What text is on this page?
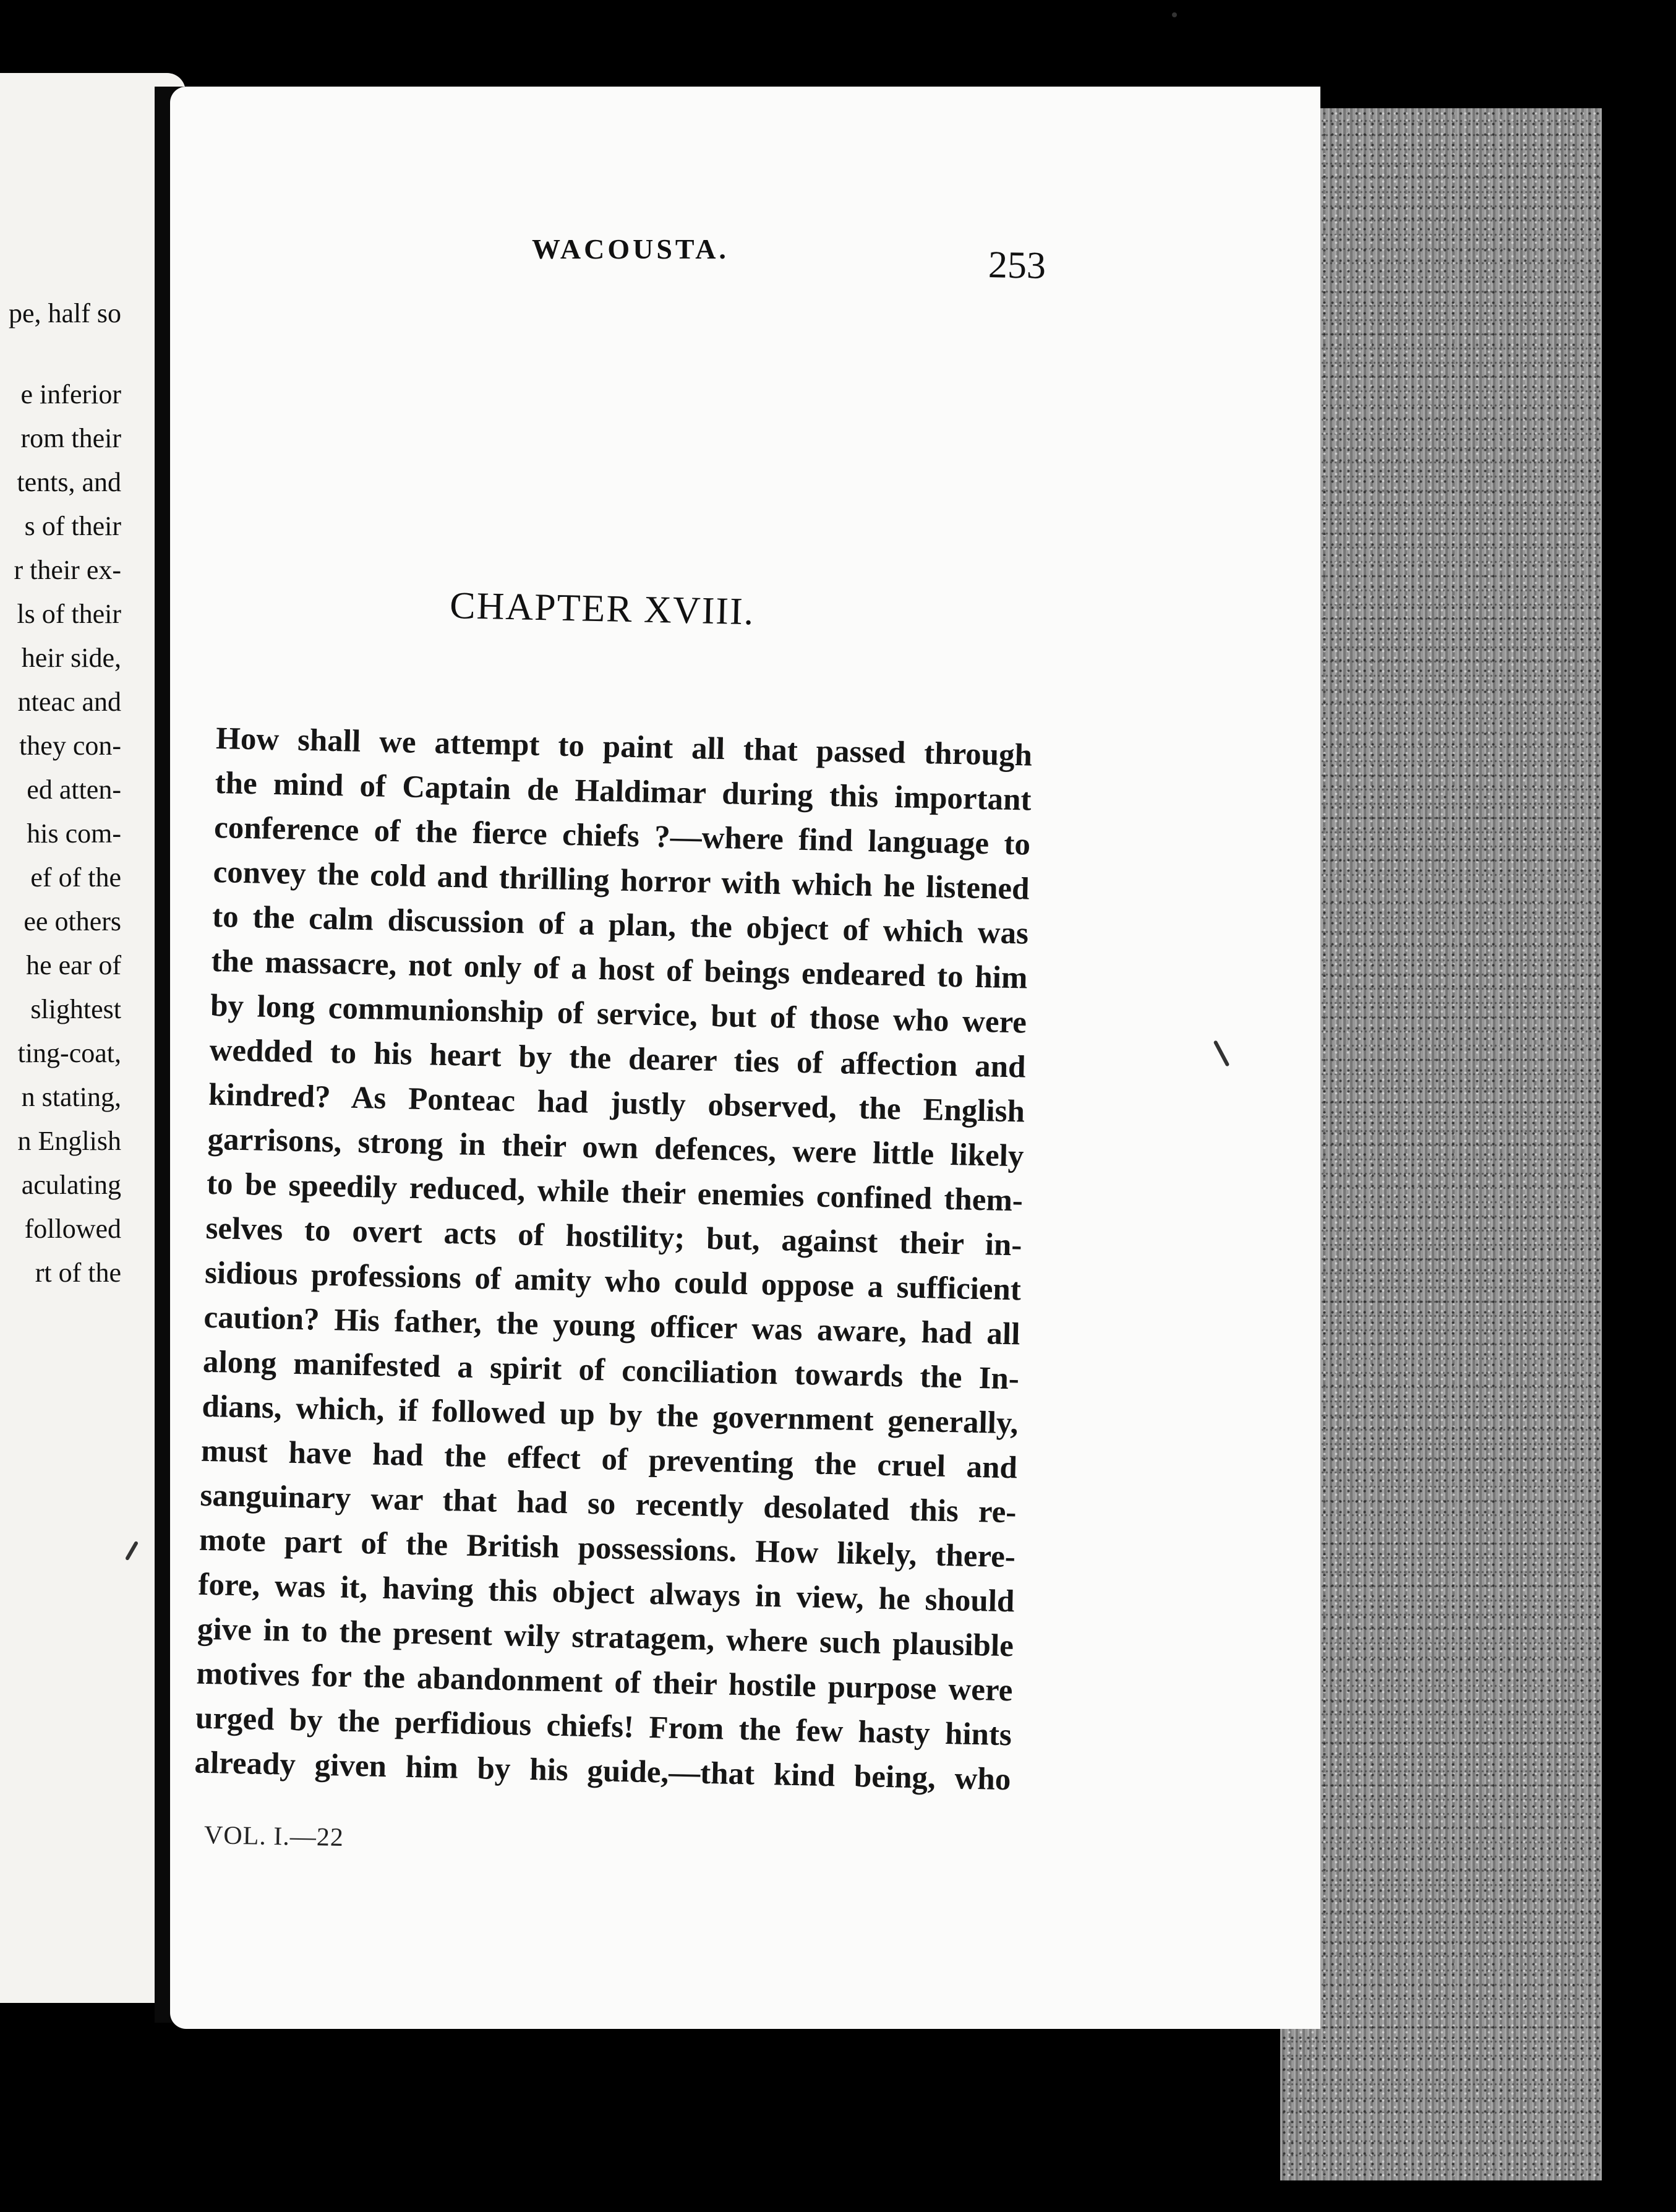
pe, half so
e inferior
rom their
tents, and
s of their
r their ex-
ls of their
heir side,
nteac and
they con-
ed atten-
his com-
ef of the
ee others
he ear of
slightest
ting-coat,
n stating,
n English
aculating
followed
rt of the
WACOUSTA.	253
CHAPTER XVIII.
How shall we attempt to paint all that passed through
the mind of Captain de Haldimar during this important
conference of the fierce chiefs ?—where find language to
convey the cold and thrilling horror with which he listened
to the calm discussion of a plan, the object of which was
the massacre, not only of a host of beings endeared to him
by long communionship of service, but of those who were
wedded to his heart by the dearer ties of affection and
kindred? As Ponteac had justly observed, the English
garrisons, strong in their own defences, were little likely
to be speedily reduced, while their enemies confined them-
selves to overt acts of hostility; but, against their in-
sidious professions of amity who could oppose a sufficient
caution? His father, the young officer was aware, had all
along manifested a spirit of conciliation towards the In-
dians, which, if followed up by the government generally,
must have had the effect of preventing the cruel and
sanguinary war that had so recently desolated this re-
mote part of the British possessions. How likely, there-
fore, was it, having this object always in view, he should
give in to the present wily stratagem, where such plausible
motives for the abandonment of their hostile purpose were
urged by the perfidious chiefs! From the few hasty hints
already given him by his guide,—that kind being, who
VOL. I.—22
